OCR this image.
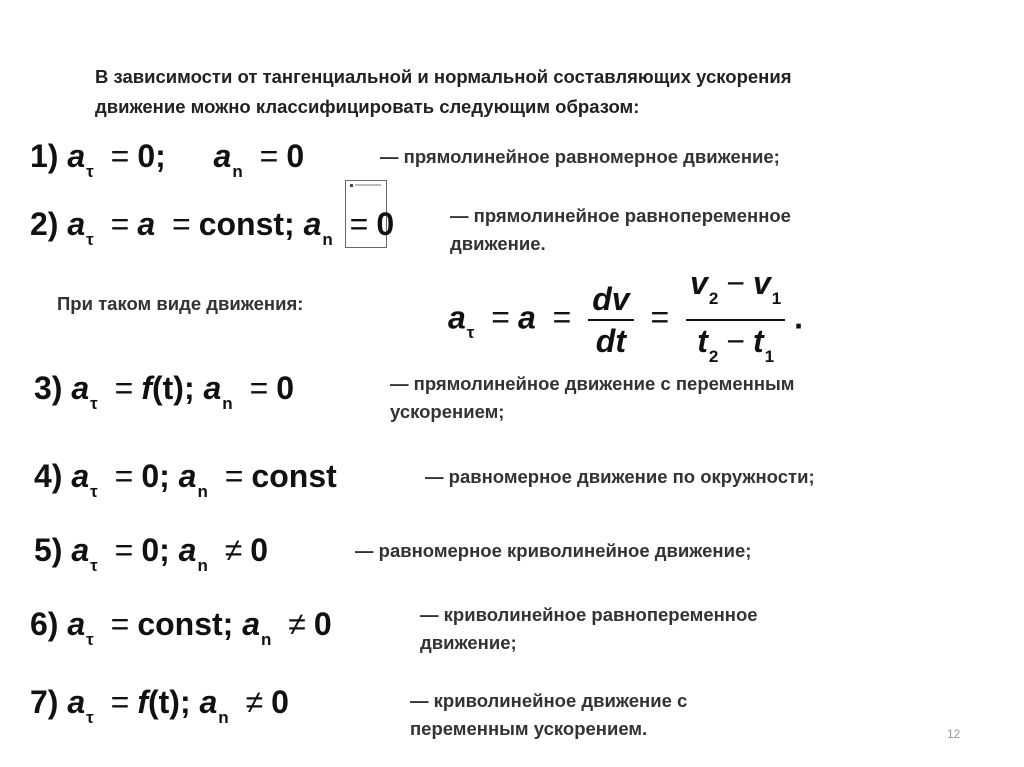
В зависимости от тангенциальной и нормальной составляющих ускорения
движение можно классифицировать следующим образом:
1) $a_\tau = 0$; $a_n = 0$	— прямолинейное равномерное движение;
2) $a_\tau = a$ = const; $a_n = 0$	— прямолинейное равнопеременное
движение.
При таком виде движения:	$a_\tau = a = \frac{dv}{dt} = \frac{v_2 - v_1}{t_2 - t_1}$ .
3) $a_\tau = f(t)$; $a_n = 0$	— прямолинейное движение с переменным
ускорением;
4) $a_\tau = 0$; $a_n$ = const	— равномерное движение по окружности;
5) $a_\tau = 0$; $a_n \ne 0$	— равномерное криволинейное движение;
6) $a_\tau$ = const; $a_n \ne 0$	— криволинейное равнопеременное
движение;
7) $a_\tau = f(t)$; $a_n \ne 0$	— криволинейное движение с
переменным ускорением.	12
